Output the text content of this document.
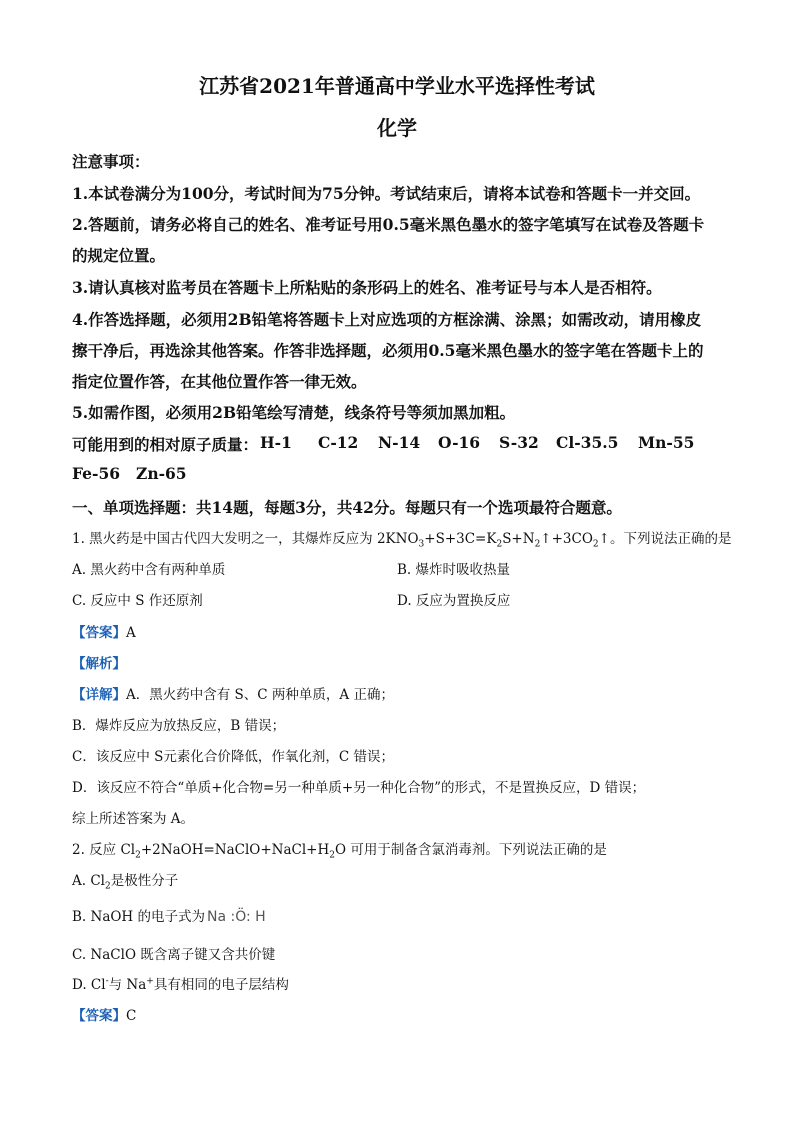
江苏省2021年普通高中学业水平选择性考试
化学
注意事项：
1.本试卷满分为100分，考试时间为75分钟。考试结束后，请将本试卷和答题卡一并交回。
2.答题前，请务必将自己的姓名、准考证号用0.5毫米黑色墨水的签字笔填写在试卷及答题卡
的规定位置。
3.请认真核对监考员在答题卡上所粘贴的条形码上的姓名、准考证号与本人是否相符。
4.作答选择题，必须用2B铅笔将答题卡上对应选项的方框涂满、涂黑；如需改动，请用橡皮
擦干净后，再选涂其他答案。作答非选择题，必须用0.5毫米黑色墨水的签字笔在答题卡上的
指定位置作答，在其他位置作答一律无效。
5.如需作图，必须用2B铅笔绘写清楚，线条符号等须加黑加粗。
可能用到的相对原子质量： H-1 C-12 N-14 O-16 S-32 Cl-35.5 Mn-55
Fe-56 Zn-65
一、单项选择题：共14题，每题3分，共42分。每题只有一个选项最符合题意。
1. 黑火药是中国古代四大发明之一，其爆炸反应为 $2KNO_3+S+3C=K_2S+N_2↑+3CO_2↑$。下列说法正确的是
A. 黑火药中含有两种单质	B. 爆炸时吸收热量
C. 反应中 S 作还原剂	D. 反应为置换反应
【答案】A
【解析】
【详解】A．黑火药中含有 S、C 两种单质，A 正确；
B．爆炸反应为放热反应，B 错误；
C．该反应中 S元素化合价降低，作氧化剂，C 错误；
D．该反应不符合“单质+化合物=另一种单质+另一种化合物”的形式，不是置换反应，D 错误；
综上所述答案为 A。
2. 反应 $Cl_2+2NaOH=NaClO+NaCl+H_2O$ 可用于制备含氯消毒剂。下列说法正确的是
A. $Cl_2$是极性分子
B. NaOH 的电子式为 Na :Ö: H
C. NaClO 既含离子键又含共价键
D. Cl-与 Na+具有相同的电子层结构
【答案】C
